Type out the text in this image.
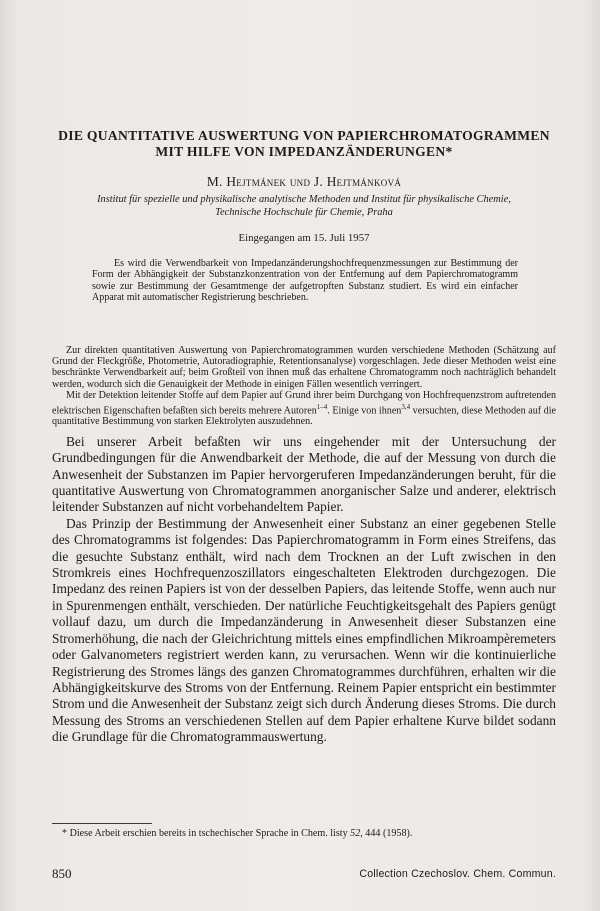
DIE QUANTITATIVE AUSWERTUNG VON PAPIERCHROMATOGRAMMEN
MIT HILFE VON IMPEDANZÄNDERUNGEN*
M. Hejtmánek und J. Hejtmánková
Institut für spezielle und physikalische analytische Methoden und Institut für physikalische Chemie,
Technische Hochschule für Chemie, Praha
Eingegangen am 15. Juli 1957
Es wird die Verwendbarkeit von Impedanzänderungshochfrequenzmessungen zur Bestimmung der Form der Abhängigkeit der Substanzkonzentration von der Entfernung auf dem Papierchromatogramm sowie zur Bestimmung der Gesamtmenge der aufgetropften Substanz studiert. Es wird ein einfacher Apparat mit automatischer Registrierung beschrieben.

Zur direkten quantitativen Auswertung von Papierchromatogrammen wurden verschiedene Methoden (Schätzung auf Grund der Fleckgröße, Photometrie, Autoradiographie, Retentionsanalyse) vorgeschlagen. Jede dieser Methoden weist eine beschränkte Verwendbarkeit auf; beim Großteil von ihnen muß das erhaltene Chromatogramm noch nachträglich behandelt werden, wodurch sich die Genauigkeit der Methode in einigen Fällen wesentlich verringert.

Mit der Detektion leitender Stoffe auf dem Papier auf Grund ihrer beim Durchgang von Hochfrequenzstrom auftretenden elektrischen Eigenschaften befaßten sich bereits mehrere Autoren$^{1-4}$. Einige von ihnen$^{3,4}$ versuchten, diese Methoden auf die quantitative Bestimmung von starken Elektrolyten auszudehnen.

Bei unserer Arbeit befaßten wir uns eingehender mit der Untersuchung der Grundbedingungen für die Anwendbarkeit der Methode, die auf der Messung von durch die Anwesenheit der Substanzen im Papier hervorgeruferen Impedanzänderungen beruht, für die quantitative Auswertung von Chromatogrammen anorganischer Salze und anderer, elektrisch leitender Substanzen auf nicht vorbehandeltem Papier.

Das Prinzip der Bestimmung der Anwesenheit einer Substanz an einer gegebenen Stelle des Chromatogramms ist folgendes: Das Papierchromatogramm in Form eines Streifens, das die gesuchte Substanz enthält, wird nach dem Trocknen an der Luft zwischen in den Stromkreis eines Hochfrequenzoszillators eingeschalteten Elektroden durchgezogen. Die Impedanz des reinen Papiers ist von der desselben Papiers, das leitende Stoffe, wenn auch nur in Spurenmengen enthält, verschieden. Der natürliche Feuchtigkeitsgehalt des Papiers genügt vollauf dazu, um durch die Impedanzänderung in Anwesenheit dieser Substanzen eine Stromerhöhung, die nach der Gleichrichtung mittels eines empfindlichen Mikroampèremeters oder Galvanometers registriert werden kann, zu verursachen. Wenn wir die kontinuierliche Registrierung des Stromes längs des ganzen Chromatogrammes durchführen, erhalten wir die Abhängigkeitskurve des Stroms von der Entfernung. Reinem Papier entspricht ein bestimmter Strom und die Anwesenheit der Substanz zeigt sich durch Änderung dieses Stroms. Die durch Messung des Stroms an verschiedenen Stellen auf dem Papier erhaltene Kurve bildet sodann die Grundlage für die Chromatogrammauswertung.

* Diese Arbeit erschien bereits in tschechischer Sprache in Chem. listy 52, 444 (1958).
850	Collection Czechoslov. Chem. Commun.
